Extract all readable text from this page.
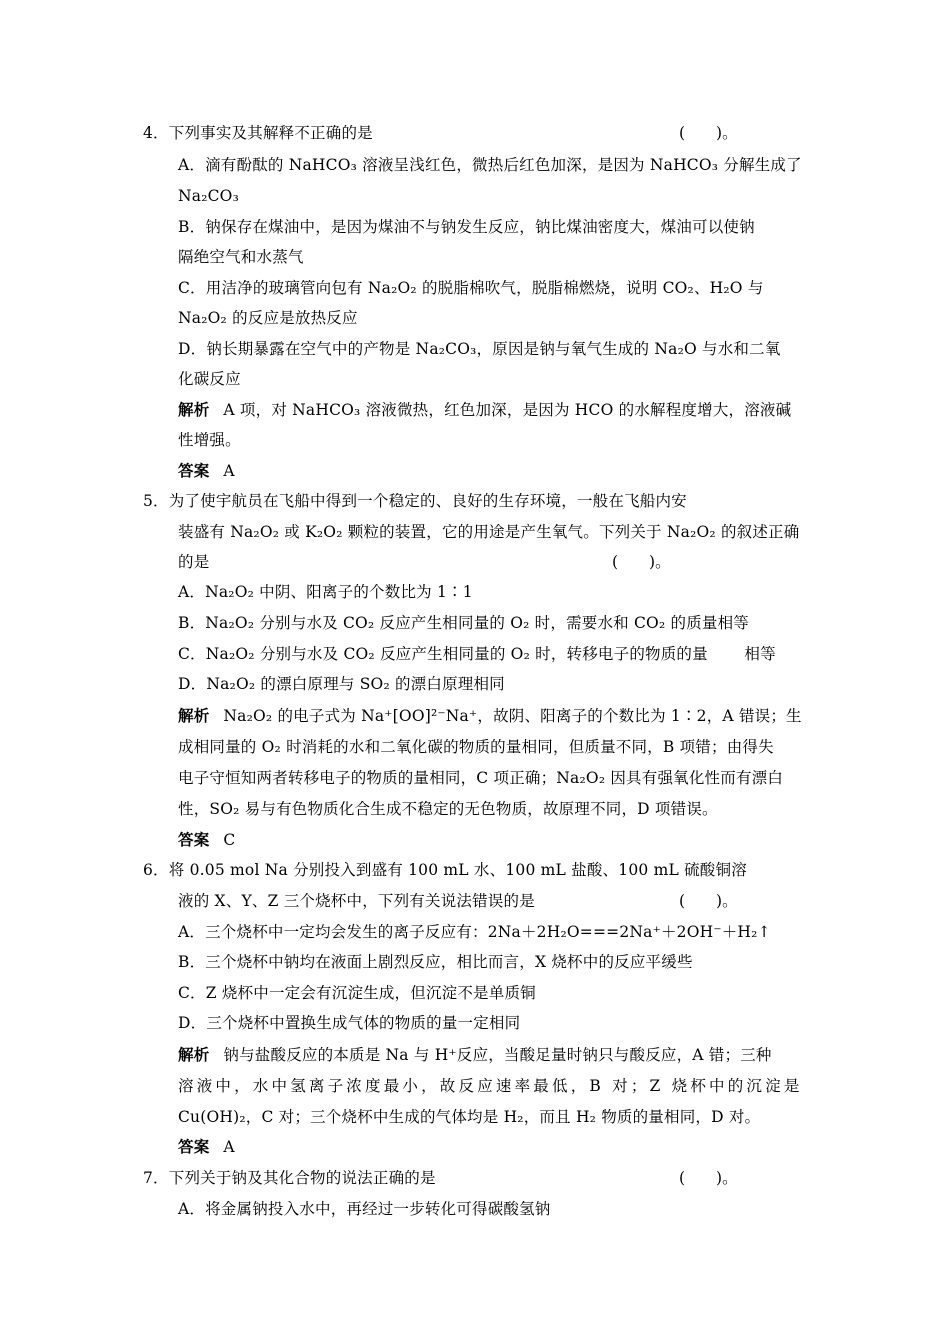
4．下列事实及其解释不正确的是	(　　)。
A．滴有酚酞的 NaHCO₃ 溶液呈浅红色，微热后红色加深，是因为 NaHCO₃ 分解生成了
Na₂CO₃
B．钠保存在煤油中，是因为煤油不与钠发生反应，钠比煤油密度大，煤油可以使钠
隔绝空气和水蒸气
C．用洁净的玻璃管向包有 Na₂O₂ 的脱脂棉吹气，脱脂棉燃烧，说明 CO₂、H₂O 与
Na₂O₂ 的反应是放热反应
D．钠长期暴露在空气中的产物是 Na₂CO₃，原因是钠与氧气生成的 Na₂O 与水和二氧
化碳反应
解析 A 项，对 NaHCO₃ 溶液微热，红色加深，是因为 HCO 的水解程度增大，溶液碱
性增强。
答案 A
5．为了使宇航员在飞船中得到一个稳定的、良好的生存环境，一般在飞船内安
装盛有 Na₂O₂ 或 K₂O₂ 颗粒的装置，它的用途是产生氧气。下列关于 Na₂O₂ 的叙述正确
的是	(　　)。
A．Na₂O₂ 中阴、阳离子的个数比为 1∶1
B．Na₂O₂ 分别与水及 CO₂ 反应产生相同量的 O₂ 时，需要水和 CO₂ 的质量相等
C．Na₂O₂ 分别与水及 CO₂ 反应产生相同量的 O₂ 时，转移电子的物质的量　　 相等
D．Na₂O₂ 的漂白原理与 SO₂ 的漂白原理相同
解析 Na₂O₂ 的电子式为 Na⁺[OO]²⁻Na⁺，故阴、阳离子的个数比为 1∶2，A 错误；生
成相同量的 O₂ 时消耗的水和二氧化碳的物质的量相同，但质量不同，B 项错；由得失
电子守恒知两者转移电子的物质的量相同，C 项正确；Na₂O₂ 因具有强氧化性而有漂白
性，SO₂ 易与有色物质化合生成不稳定的无色物质，故原理不同，D 项错误。
答案 C
6．将 0.05 mol Na 分别投入到盛有 100 mL 水、100 mL 盐酸、100 mL 硫酸铜溶
液的 X、Y、Z 三个烧杯中，下列有关说法错误的是	(　　)。
A．三个烧杯中一定均会发生的离子反应有：2Na＋2H₂O===2Na⁺＋2OH⁻＋H₂↑
B．三个烧杯中钠均在液面上剧烈反应，相比而言，X 烧杯中的反应平缓些
C．Z 烧杯中一定会有沉淀生成，但沉淀不是单质铜
D．三个烧杯中置换生成气体的物质的量一定相同
解析 钠与盐酸反应的本质是 Na 与 H⁺反应，当酸足量时钠只与酸反应，A 错；三种
溶液中，水中氢离子浓度最小，故反应速率最低，B 对；Z 烧杯中的沉淀是
Cu(OH)₂，C 对；三个烧杯中生成的气体均是 H₂，而且 H₂ 物质的量相同，D 对。
答案 A
7．下列关于钠及其化合物的说法正确的是	(　　)。
A．将金属钠投入水中，再经过一步转化可得碳酸氢钠
